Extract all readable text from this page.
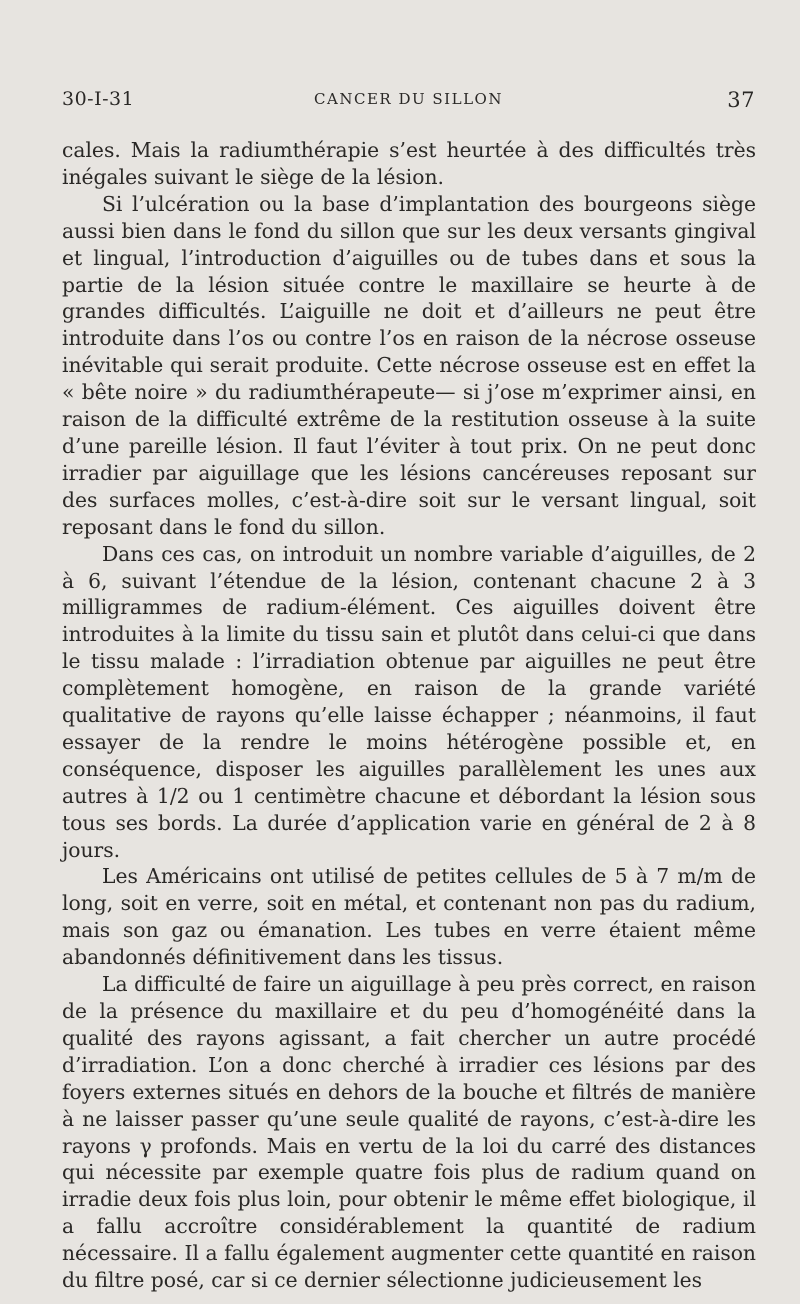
30-I-31	CANCER DU SILLON	37

cales. Mais la radiumthérapie s’est heurtée à des difficultés très inégales suivant le siège de la lésion.

Si l’ulcération ou la base d’implantation des bourgeons siège aussi bien dans le fond du sillon que sur les deux versants gingival et lingual, l’introduction d’aiguilles ou de tubes dans et sous la partie de la lésion située contre le maxillaire se heurte à de grandes difficultés. L’aiguille ne doit et d’ailleurs ne peut être introduite dans l’os ou contre l’os en raison de la nécrose osseuse inévitable qui serait produite. Cette nécrose osseuse est en effet la « bête noire » du radiumthérapeute— si j’ose m’exprimer ainsi, en raison de la difficulté extrême de la restitution osseuse à la suite d’une pareille lésion. Il faut l’éviter à tout prix. On ne peut donc irradier par aiguillage que les lésions cancéreuses reposant sur des surfaces molles, c’est-à-dire soit sur le versant lingual, soit reposant dans le fond du sillon.

Dans ces cas, on introduit un nombre variable d’aiguilles, de 2 à 6, suivant l’étendue de la lésion, contenant chacune 2 à 3 milligrammes de radium-élément. Ces aiguilles doivent être introduites à la limite du tissu sain et plutôt dans celui-ci que dans le tissu malade : l’irradiation obtenue par aiguilles ne peut être complètement homogène, en raison de la grande variété qualitative de rayons qu’elle laisse échapper ; néanmoins, il faut essayer de la rendre le moins hétérogène possible et, en conséquence, disposer les aiguilles parallèlement les unes aux autres à 1/2 ou 1 centimètre chacune et débordant la lésion sous tous ses bords. La durée d’application varie en général de 2 à 8 jours.

Les Américains ont utilisé de petites cellules de 5 à 7 m/m de long, soit en verre, soit en métal, et contenant non pas du radium, mais son gaz ou émanation. Les tubes en verre étaient même abandonnés définitivement dans les tissus.

La difficulté de faire un aiguillage à peu près correct, en raison de la présence du maxillaire et du peu d’homogénéité dans la qualité des rayons agissant, a fait chercher un autre procédé d’irradiation. L’on a donc cherché à irradier ces lésions par des foyers externes situés en dehors de la bouche et filtrés de manière à ne laisser passer qu’une seule qualité de rayons, c’est-à-dire les rayons γ profonds. Mais en vertu de la loi du carré des distances qui nécessite par exemple quatre fois plus de radium quand on irradie deux fois plus loin, pour obtenir le même effet biologique, il a fallu accroître considérablement la quantité de radium nécessaire. Il a fallu également augmenter cette quantité en raison du filtre posé, car si ce dernier sélectionne judicieusement les
